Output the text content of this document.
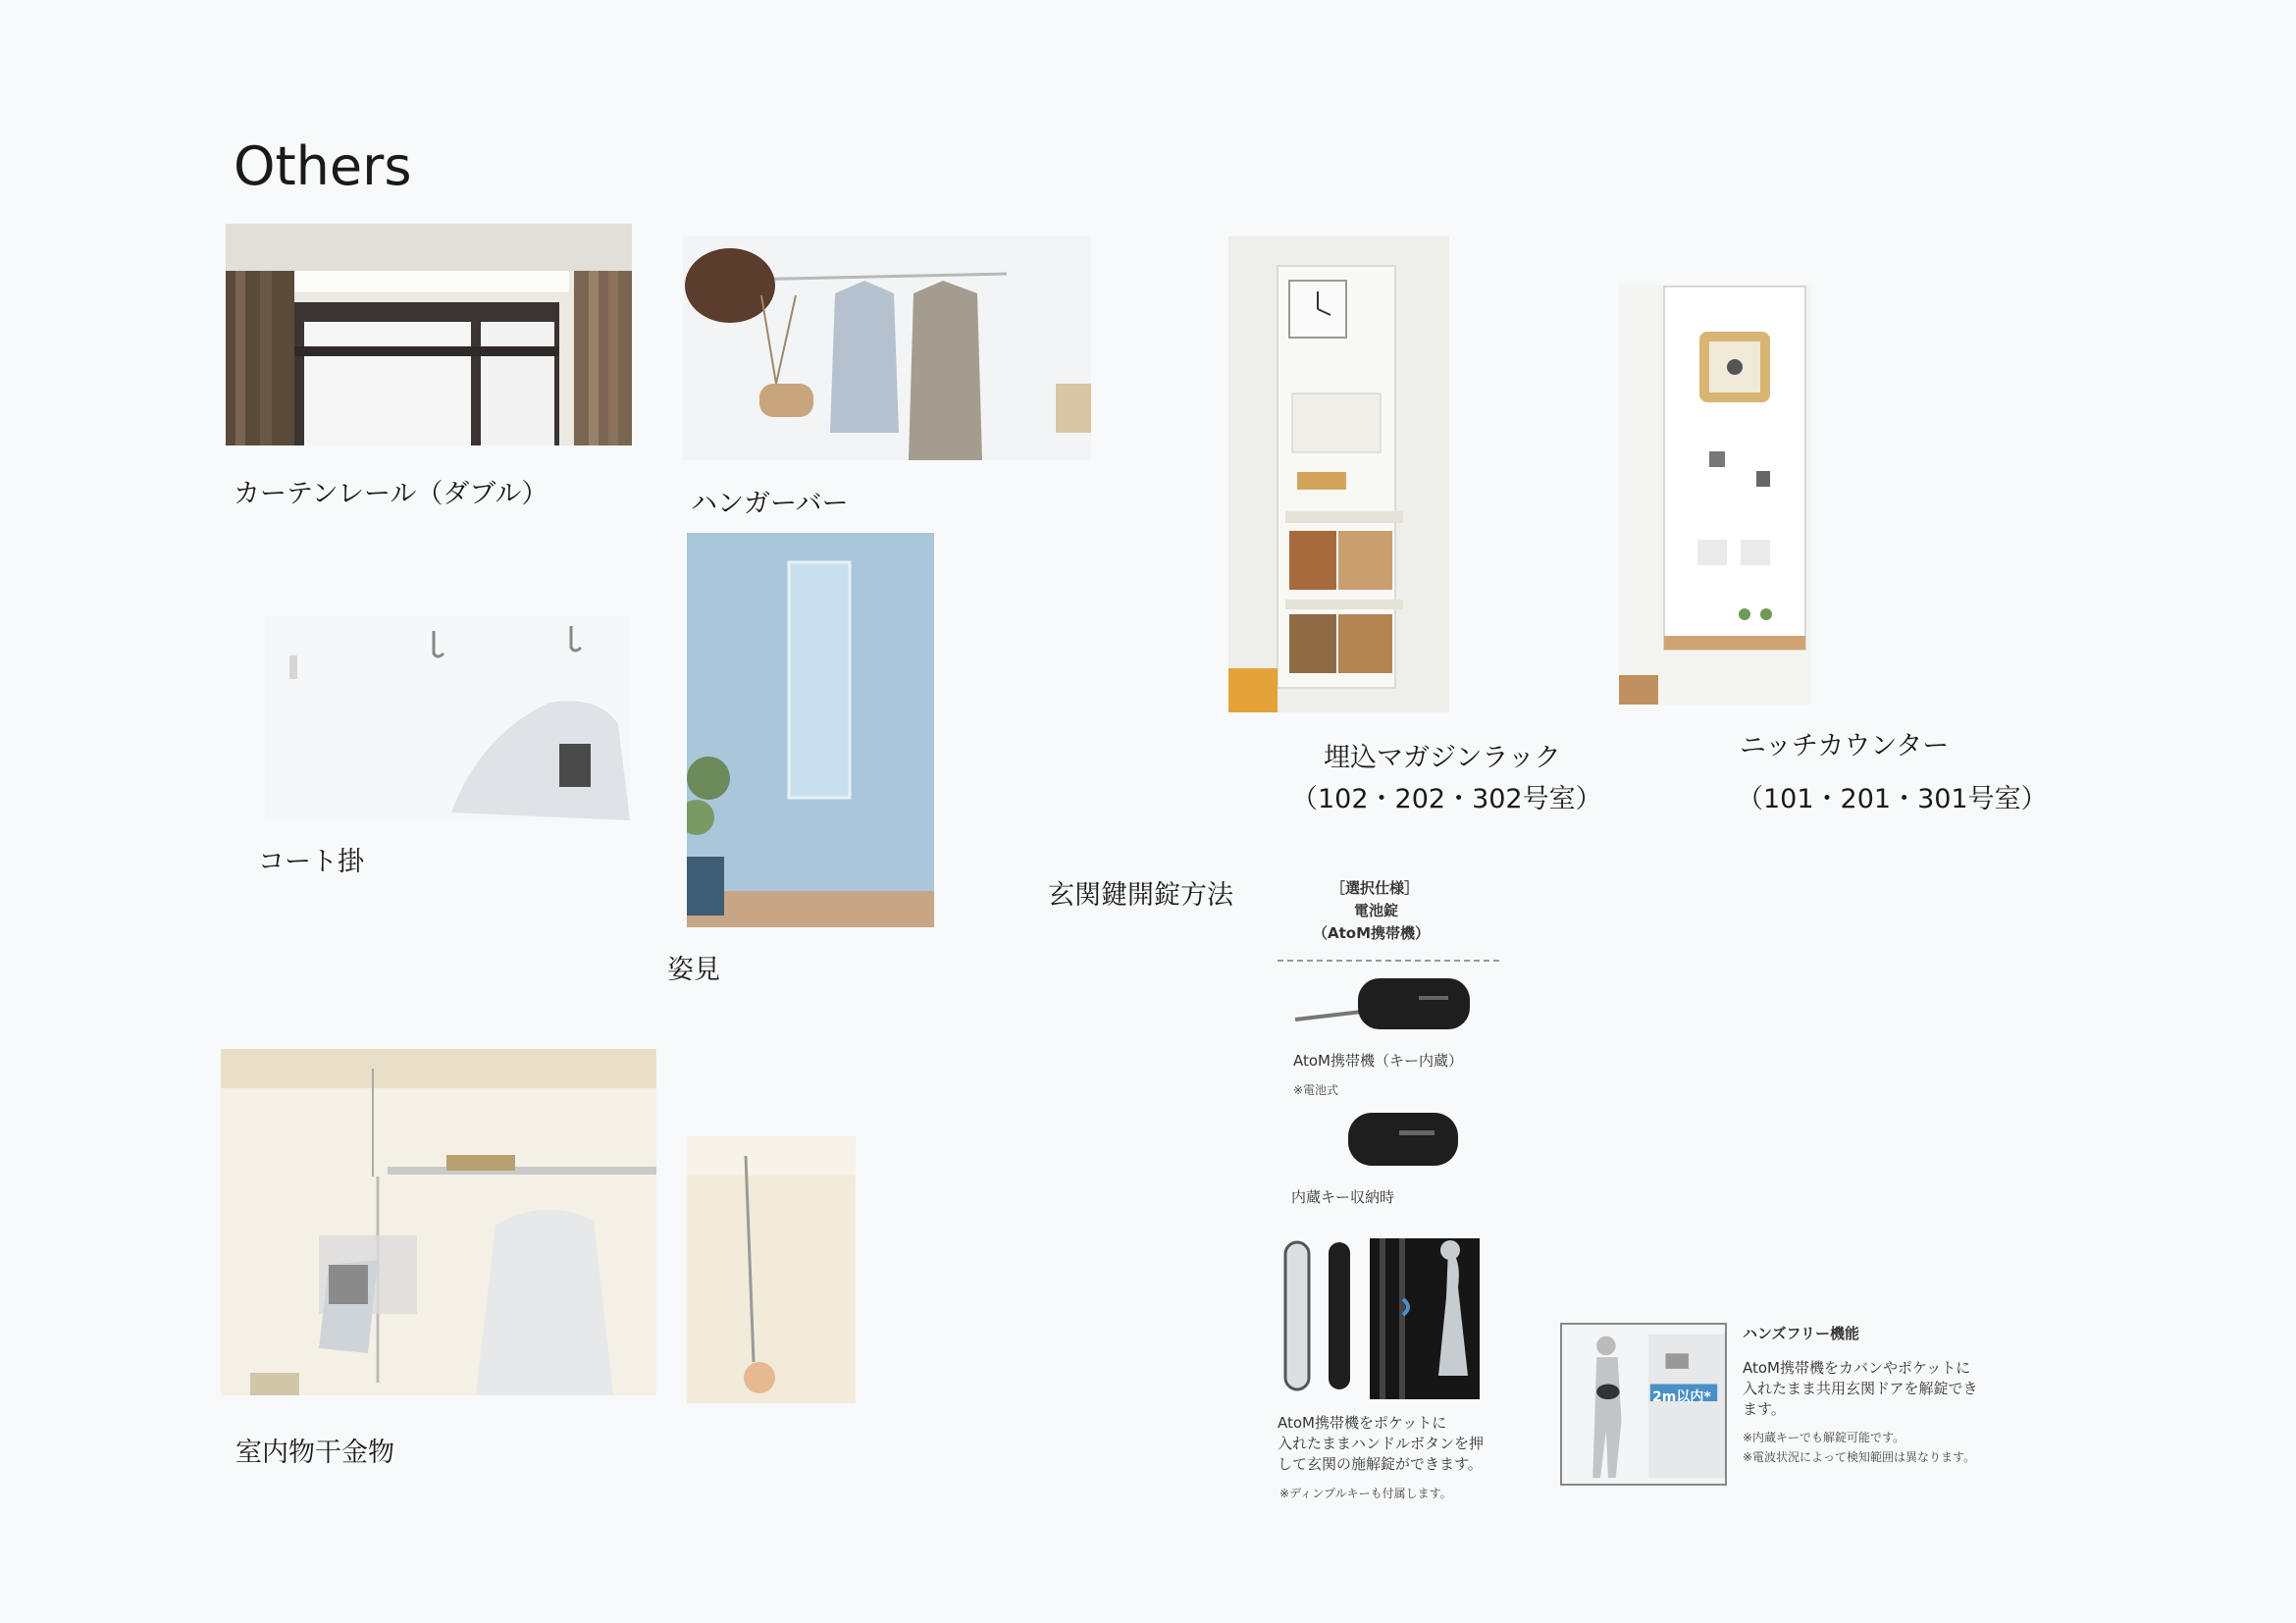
Others
カーテンレール（ダブル）	ハンガーバー
コート掛
姿見
室内物干金物
埋込マガジンラック
（102・202・302号室）
ニッチカウンター
（101・201・301号室）
玄関鍵開錠方法	［選択仕様］
電池錠
（AtoM携帯機）
AtoM携帯機（キー内蔵）
※電池式
内蔵キー収納時
AtoM携帯機をポケットに
入れたままハンドルボタンを押
して玄関の施解錠ができます。
※ディンプルキーも付属します。
2m以内*
ハンズフリー機能
AtoM携帯機をカバンやポケットに
入れたまま共用玄関ドアを解錠でき
ます。
※内蔵キーでも解錠可能です。
※電波状況によって検知範囲は異なります。
